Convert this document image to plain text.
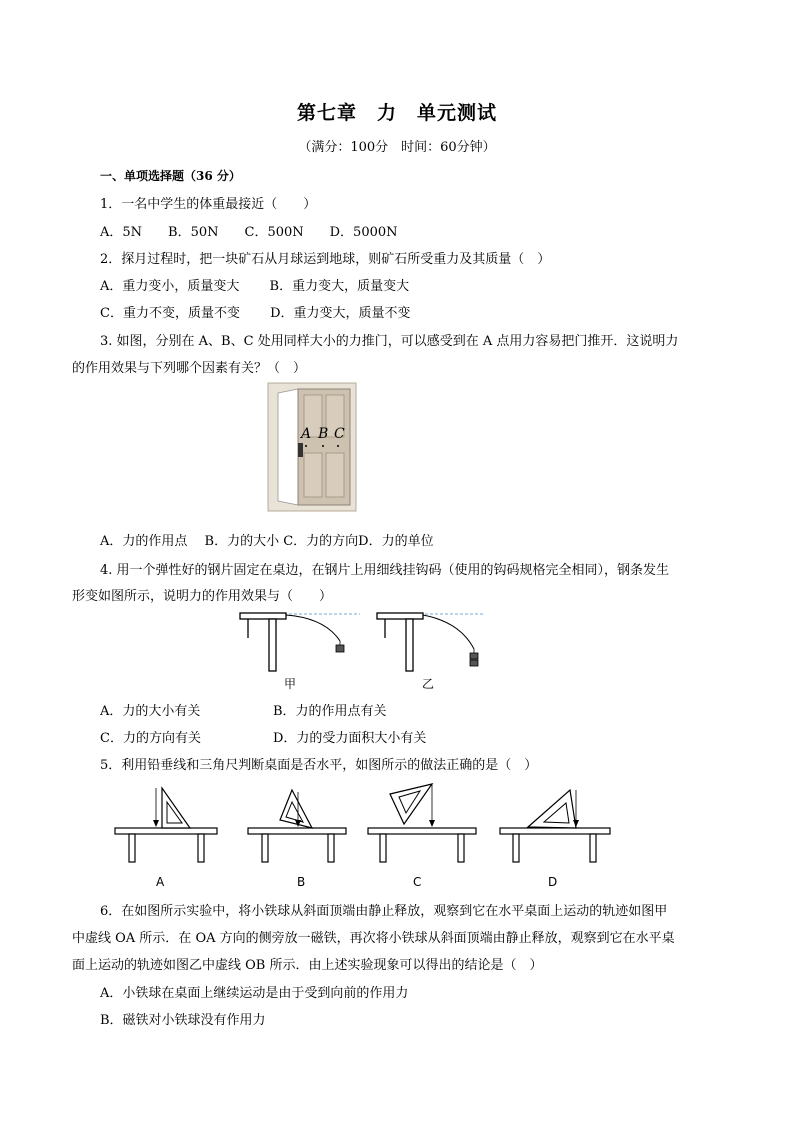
第七章　力　单元测试
（满分：100分　时间：60分钟）
一、单项选择题（36 分）
1．一名中学生的体重最接近（　　）
A．5N　　B．50N　　C．500N　　D．5000N
2．探月过程时，把一块矿石从月球运到地球，则矿石所受重力及其质量（　）
A．重力变小，质量变大　　 B．重力变大，质量变大
C．重力不变，质量不变　　 D．重力变大，质量不变
3. 如图，分别在 A、B、C 处用同样大小的力推门，可以感受到在 A 点用力容易把门推开．这说明力
的作用效果与下列哪个因素有关？（　）
A B C
A．力的作用点　 B．力的大小 C．力的方向D．力的单位
4. 用一个弹性好的钢片固定在桌边，在钢片上用细线挂钩码（使用的钩码规格完全相同），钢条发生
形变如图所示，说明力的作用效果与（　　）
甲	乙
A．力的大小有关	B．力的作用点有关
C．力的方向有关	D．力的受力面积大小有关
5．利用铅垂线和三角尺判断桌面是否水平，如图所示的做法正确的是（　）
A	B	C	D
6．在如图所示实验中，将小铁球从斜面顶端由静止释放，观察到它在水平桌面上运动的轨迹如图甲
中虚线 OA 所示．在 OA 方向的侧旁放一磁铁，再次将小铁球从斜面顶端由静止释放，观察到它在水平桌
面上运动的轨迹如图乙中虚线 OB 所示．由上述实验现象可以得出的结论是（　）
A．小铁球在桌面上继续运动是由于受到向前的作用力
B．磁铁对小铁球没有作用力
